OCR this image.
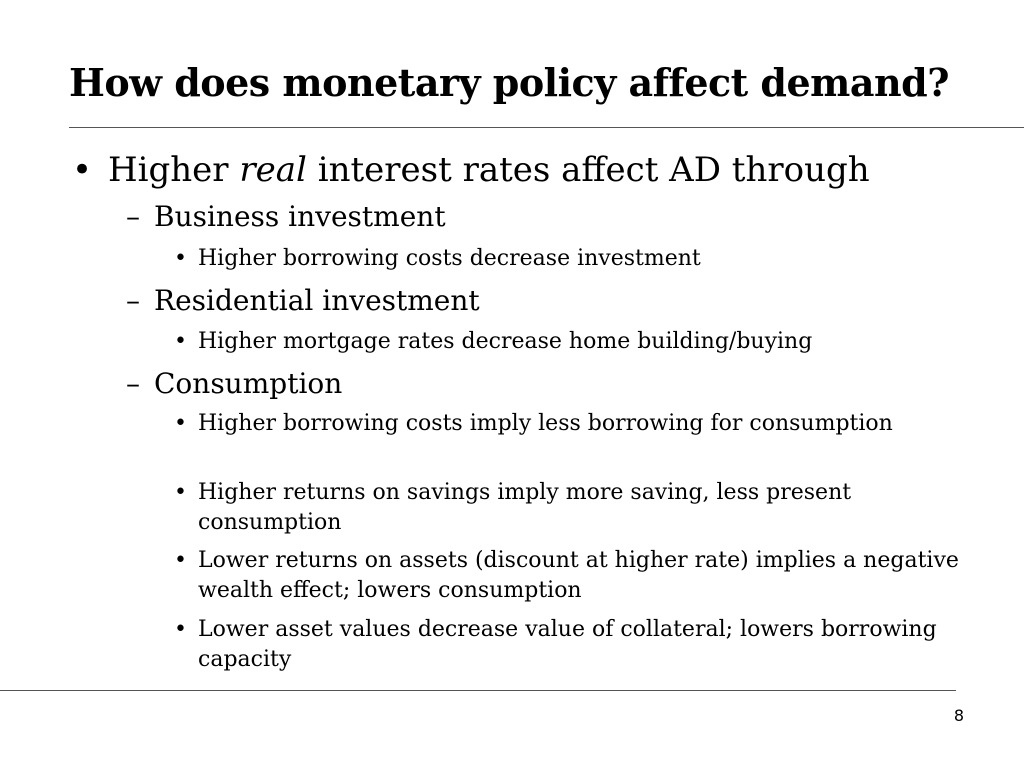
How does monetary policy affect demand?
• Higher real interest rates affect AD through
– Business investment
• Higher borrowing costs decrease investment
– Residential investment
• Higher mortgage rates decrease home building/buying
– Consumption
• Higher borrowing costs imply less borrowing for consumption
• Higher returns on savings imply more saving, less present consumption
• Lower returns on assets (discount at higher rate) implies a negative wealth effect; lowers consumption
• Lower asset values decrease value of collateral; lowers borrowing capacity
8
